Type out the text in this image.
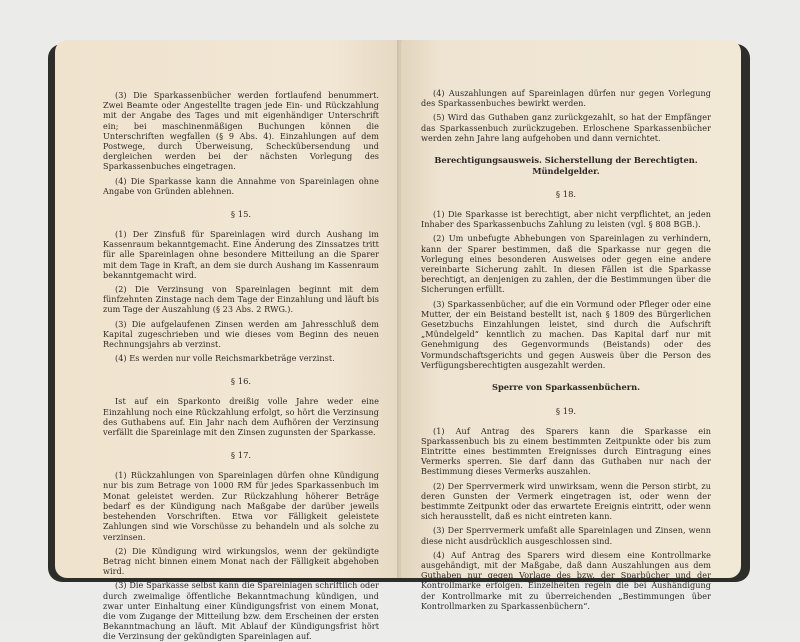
(3) Die Sparkassenbücher werden fortlaufend benummert. Zwei Beamte oder Angestellte tragen jede Ein- und Rückzahlung mit der Angabe des Tages und mit eigenhändiger Unterschrift ein; bei maschinenmäßigen Buchungen können die Unterschriften wegfallen (§ 9 Abs. 4). Einzahlungen auf dem Postwege, durch Überweisung, Scheckübersendung und dergleichen werden bei der nächsten Vorlegung des Sparkassenbuches eingetragen.

(4) Die Sparkasse kann die Annahme von Spareinlagen ohne Angabe von Gründen ablehnen.

§ 15.

(1) Der Zinsfuß für Spareinlagen wird durch Aushang im Kassenraum bekanntgemacht. Eine Änderung des Zinssatzes tritt für alle Spareinlagen ohne besondere Mitteilung an die Sparer mit dem Tage in Kraft, an dem sie durch Aushang im Kassenraum bekanntgemacht wird.

(2) Die Verzinsung von Spareinlagen beginnt mit dem fünfzehnten Zinstage nach dem Tage der Einzahlung und läuft bis zum Tage der Auszahlung (§ 23 Abs. 2 RWG.).

(3) Die aufgelaufenen Zinsen werden am Jahresschluß dem Kapital zugeschrieben und wie dieses vom Beginn des neuen Rechnungsjahrs ab verzinst.

(4) Es werden nur volle Reichsmarkbeträge verzinst.

§ 16.

Ist auf ein Sparkonto dreißig volle Jahre weder eine Einzahlung noch eine Rückzahlung erfolgt, so hört die Verzinsung des Guthabens auf. Ein Jahr nach dem Aufhören der Verzinsung verfällt die Spareinlage mit den Zinsen zugunsten der Sparkasse.

§ 17.

(1) Rückzahlungen von Spareinlagen dürfen ohne Kündigung nur bis zum Betrage von 1000 RM für jedes Sparkassenbuch im Monat geleistet werden. Zur Rückzahlung höherer Beträge bedarf es der Kündigung nach Maßgabe der darüber jeweils bestehenden Vorschriften. Etwa vor Fälligkeit geleistete Zahlungen sind wie Vorschüsse zu behandeln und als solche zu verzinsen.

(2) Die Kündigung wird wirkungslos, wenn der gekündigte Betrag nicht binnen einem Monat nach der Fälligkeit abgehoben wird.

(3) Die Sparkasse selbst kann die Spareinlagen schriftlich oder durch zweimalige öffentliche Bekanntmachung kündigen, und zwar unter Einhaltung einer Kündigungsfrist von einem Monat, die vom Zugange der Mitteilung bzw. dem Erscheinen der ersten Bekanntmachung an läuft. Mit Ablauf der Kündigungsfrist hört die Verzinsung der gekündigten Spareinlagen auf.

(4) Auszahlungen auf Spareinlagen dürfen nur gegen Vorlegung des Sparkassenbuches bewirkt werden.

(5) Wird das Guthaben ganz zurückgezahlt, so hat der Empfänger das Sparkassenbuch zurückzugeben. Erloschene Sparkassenbücher werden zehn Jahre lang aufgehoben und dann vernichtet.

Berechtigungsausweis. Sicherstellung der Berechtigten. Mündelgelder.
§ 18.

(1) Die Sparkasse ist berechtigt, aber nicht verpflichtet, an jeden Inhaber des Sparkassenbuchs Zahlung zu leisten (vgl. § 808 BGB.).

(2) Um unbefugte Abhebungen von Spareinlagen zu verhindern, kann der Sparer bestimmen, daß die Sparkasse nur gegen die Vorlegung eines besonderen Ausweises oder gegen eine andere vereinbarte Sicherung zahlt. In diesen Fällen ist die Sparkasse berechtigt, an denjenigen zu zahlen, der die Bestimmungen über die Sicherungen erfüllt.

(3) Sparkassenbücher, auf die ein Vormund oder Pfleger oder eine Mutter, der ein Beistand bestellt ist, nach § 1809 des Bürgerlichen Gesetzbuchs Einzahlungen leistet, sind durch die Aufschrift „Mündelgeld“ kenntlich zu machen. Das Kapital darf nur mit Genehmigung des Gegenvormunds (Beistands) oder des Vormundschaftsgerichts und gegen Ausweis über die Person des Verfügungsberechtigten ausgezahlt werden.

Sperre von Sparkassenbüchern.
§ 19.

(1) Auf Antrag des Sparers kann die Sparkasse ein Sparkassenbuch bis zu einem bestimmten Zeitpunkte oder bis zum Eintritte eines bestimmten Ereignisses durch Eintragung eines Vermerks sperren. Sie darf dann das Guthaben nur nach der Bestimmung dieses Vermerks auszahlen.

(2) Der Sperrvermerk wird unwirksam, wenn die Person stirbt, zu deren Gunsten der Vermerk eingetragen ist, oder wenn der bestimmte Zeitpunkt oder das erwartete Ereignis eintritt, oder wenn sich herausstellt, daß es nicht eintreten kann.

(3) Der Sperrvermerk umfaßt alle Spareinlagen und Zinsen, wenn diese nicht ausdrücklich ausgeschlossen sind.

(4) Auf Antrag des Sparers wird diesem eine Kontrollmarke ausgehändigt, mit der Maßgabe, daß dann Auszahlungen aus dem Guthaben nur gegen Vorlage des bzw. der Sparbücher und der Kontrollmarke erfolgen. Einzelheiten regeln die bei Aushändigung der Kontrollmarke mit zu überreichenden „Bestimmungen über Kontrollmarken zu Sparkassenbüchern“.
